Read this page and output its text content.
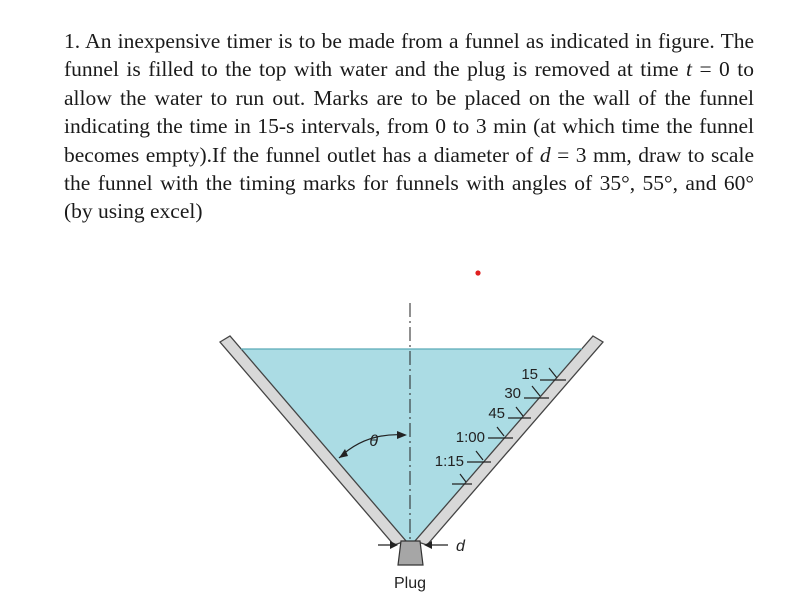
1. An inexpensive timer is to be made from a funnel as indicated in figure. The funnel is filled to the top with water and the plug is removed at time t = 0 to allow the water to run out. Marks are to be placed on the wall of the funnel indicating the time in 15-s intervals, from 0 to 3 min (at which time the funnel becomes empty).If the funnel outlet has a diameter of d = 3 mm, draw to scale the funnel with the timing marks for funnels with angles of 35°, 55°, and 60° (by using excel)

15
30
45
1:00
1:15
θ
d
Plug
